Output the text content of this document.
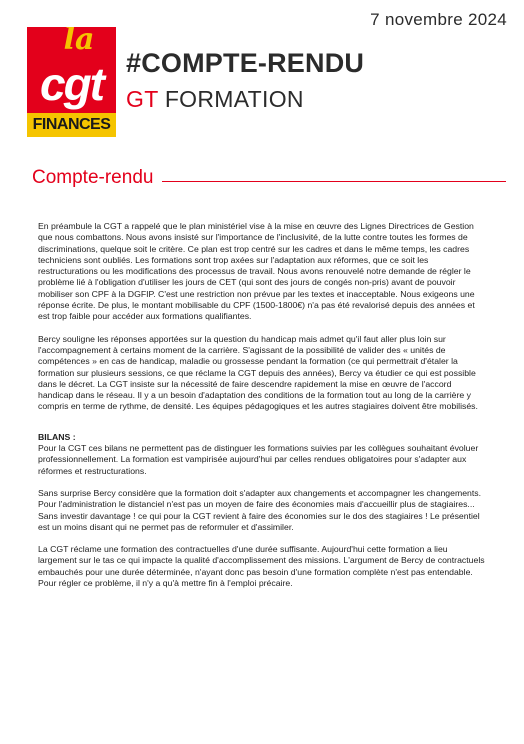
la
cgt
FINANCES
7 novembre 2024
#COMPTE-RENDU
GT FORMATION
Compte-rendu

En préambule la CGT a rappelé que le plan ministériel vise à la mise en œuvre des Lignes Directrices de Gestion que nous combattons. Nous avons insisté sur l'importance de l'inclusivité, de la lutte contre toutes les formes de discriminations, quelque soit le critère. Ce plan est trop centré sur les cadres et dans le même temps, les cadres techniciens sont oubliés. Les formations sont trop axées sur l'adaptation aux réformes, que ce soit les restructurations ou les modifications des processus de travail. Nous avons renouvelé notre demande de régler le problème lié à l'obligation d'utiliser les jours de CET (qui sont des jours de congés non-pris) avant de pouvoir mobiliser son CPF à la DGFIP. C'est une restriction non prévue par les textes et inacceptable. Nous exigeons une réponse écrite. De plus, le montant mobilisable du CPF (1500-1800€) n'a pas été revalorisé depuis des années et est trop faible pour accéder aux formations qualifiantes.

Bercy souligne les réponses apportées sur la question du handicap mais admet qu'il faut aller plus loin sur l'accompagnement à certains moment de la carrière. S'agissant de la possibilité de valider des « unités de compétences » en cas de handicap, maladie ou grossesse pendant la formation (ce qui permettrait d'étaler la formation sur plusieurs sessions, ce que réclame la CGT depuis des années), Bercy va étudier ce qui est possible dans le décret. La CGT insiste sur la nécessité de faire descendre rapidement la mise en œuvre de l'accord handicap dans le réseau. Il y a un besoin d'adaptation des conditions de la formation tout au long de la carrière y compris en terme de rythme, de densité. Les équipes pédagogiques et les autres stagiaires doivent être mobilisés.

BILANS :

Pour la CGT ces bilans ne permettent pas de distinguer les formations suivies par les collègues souhaitant évoluer professionnellement. La formation est vampirisée aujourd'hui par celles rendues obligatoires pour s'adapter aux réformes et restructurations.

Sans surprise Bercy considère que la formation doit s'adapter aux changements et accompagner les changements. Pour l'administration le distanciel n'est pas un moyen de faire des économies mais d'accueillir plus de stagiaires... Sans investir davantage ! ce qui pour la CGT revient à faire des économies sur le dos des stagiaires ! Le présentiel est un moins disant qui ne permet pas de reformuler et d'assimiler.

La CGT réclame une formation des contractuelles d'une durée suffisante. Aujourd'hui cette formation a lieu largement sur le tas ce qui impacte la qualité d'accomplissement des missions. L'argument de Bercy de contractuels embauchés pour une durée déterminée, n'ayant donc pas besoin d'une formation complète n'est pas entendable. Pour régler ce problème, il n'y a qu'à mettre fin à l'emploi précaire.
